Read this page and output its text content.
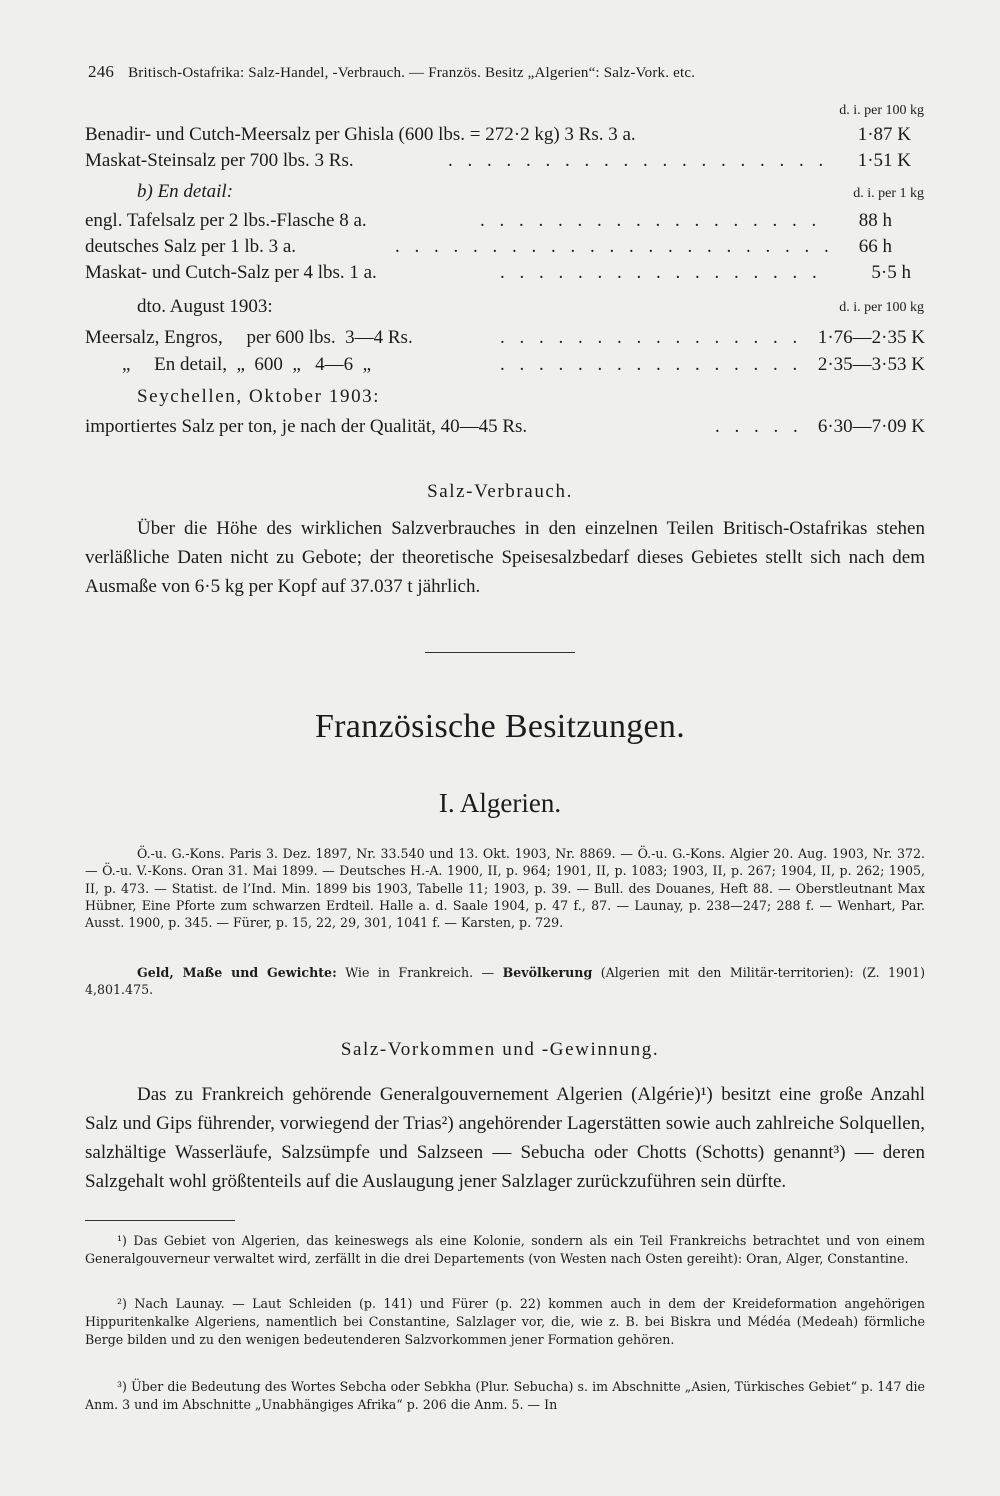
246 Britisch-Ostafrika: Salz-Handel, -Verbrauch. — Französ. Besitz „Algerien“: Salz-Vork. etc.
d. i. per 100 kg
Benadir- und Cutch-Meersalz per Ghisla (600 lbs. = 272·2 kg) 3 Rs. 3 a.	1·87 K
Maskat-Steinsalz per 700 lbs. 3 Rs.	. . . . . . . . . . . . . . . . . . . . 1·51 K
b) En detail:	d. i. per 1 kg
engl. Tafelsalz per 2 lbs.-Flasche 8 a.	. . . . . . . . . . . . . . . . . . 88 h
deutsches Salz per 1 lb. 3 a.	. . . . . . . . . . . . . . . . . . . . . . . 66 h
Maskat- und Cutch-Salz per 4 lbs. 1 a.	. . . . . . . . . . . . . . . . .	5·5 h
dto. August 1903:	d. i. per 100 kg
Meersalz, Engros,     per 600 lbs.  3—4 Rs.	. . . . . . . . . . . . . . . . 1·76—2·35 K
„     En detail,  „  600  „   4—6  „	. . . . . . . . . . . . . . . . 2·35—3·53 K
Seychellen, Oktober 1903:
importiertes Salz per ton, je nach der Qualität, 40—45 Rs.	. . . . . 6·30—7·09 K
Salz-Verbrauch.
Über die Höhe des wirklichen Salzverbrauches in den einzelnen Teilen Britisch-Ostafrikas stehen verläßliche Daten nicht zu Gebote; der theoretische Speisesalzbedarf dieses Gebietes stellt sich nach dem Ausmaße von 6·5 kg per Kopf auf 37.037 t jährlich.
Französische Besitzungen.
I. Algerien.
Ö.-u. G.-Kons. Paris 3. Dez. 1897, Nr. 33.540 und 13. Okt. 1903, Nr. 8869. — Ö.-u. G.-Kons. Algier 20. Aug. 1903, Nr. 372. — Ö.-u. V.-Kons. Oran 31. Mai 1899. — Deutsches H.-A. 1900, II, p. 964; 1901, II, p. 1083; 1903, II, p. 267; 1904, II, p. 262; 1905, II, p. 473. — Statist. de l’Ind. Min. 1899 bis 1903, Tabelle 11; 1903, p. 39. — Bull. des Douanes, Heft 88. — Oberstleutnant Max Hübner, Eine Pforte zum schwarzen Erdteil. Halle a. d. Saale 1904, p. 47 f., 87. — Launay, p. 238—247; 288 f. — Wenhart, Par. Ausst. 1900, p. 345. — Fürer, p. 15, 22, 29, 301, 1041 f. — Karsten, p. 729.
Geld, Maße und Gewichte: Wie in Frankreich. — Bevölkerung (Algerien mit den Militär-territorien): (Z. 1901) 4,801.475.
Salz-Vorkommen und -Gewinnung.
Das zu Frankreich gehörende Generalgouvernement Algerien (Algérie)¹) besitzt eine große Anzahl Salz und Gips führender, vorwiegend der Trias²) angehörender Lagerstätten sowie auch zahlreiche Solquellen, salzhältige Wasserläufe, Salzsümpfe und Salzseen — Sebucha oder Chotts (Schotts) genannt³) — deren Salzgehalt wohl größtenteils auf die Auslaugung jener Salzlager zurückzuführen sein dürfte.
¹) Das Gebiet von Algerien, das keineswegs als eine Kolonie, sondern als ein Teil Frankreichs betrachtet und von einem Generalgouverneur verwaltet wird, zerfällt in die drei Departements (von Westen nach Osten gereiht): Oran, Alger, Constantine.
²) Nach Launay. — Laut Schleiden (p. 141) und Fürer (p. 22) kommen auch in dem der Kreideformation angehörigen Hippuritenkalke Algeriens, namentlich bei Constantine, Salzlager vor, die, wie z. B. bei Biskra und Médéa (Medeah) förmliche Berge bilden und zu den wenigen bedeutenderen Salzvorkommen jener Formation gehören.
³) Über die Bedeutung des Wortes Sebcha oder Sebkha (Plur. Sebucha) s. im Abschnitte „Asien, Türkisches Gebiet“ p. 147 die Anm. 3 und im Abschnitte „Unabhängiges Afrika“ p. 206 die Anm. 5. — In
